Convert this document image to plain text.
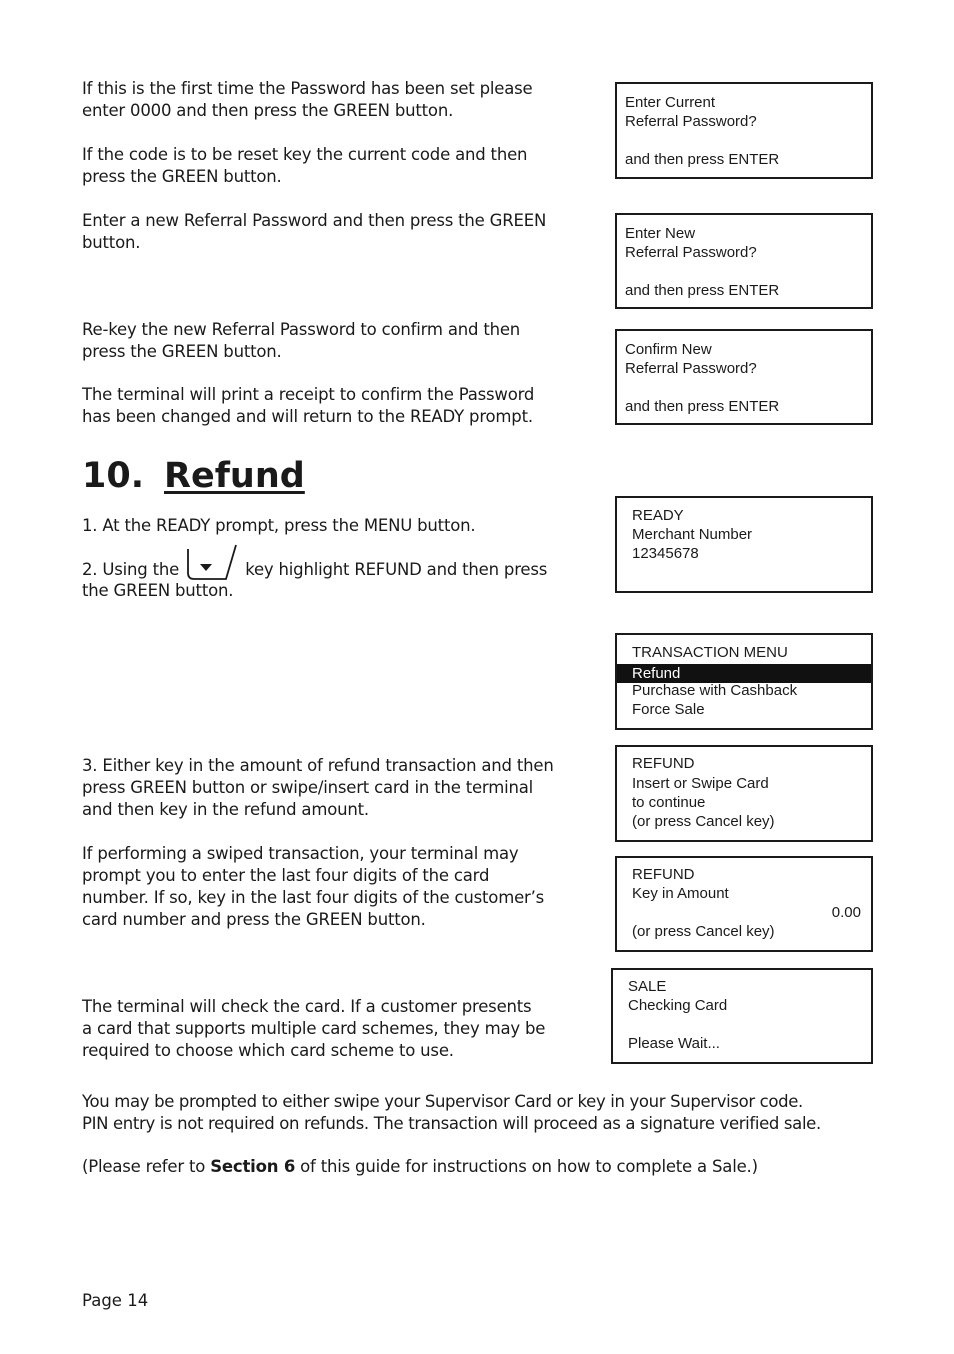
If this is the first time the Password has been set please
enter 0000 and then press the GREEN button.

If the code is to be reset key the current code and then
press the GREEN button.

Enter a new Referral Password and then press the GREEN
button.

Re-key the new Referral Password to confirm and then
press the GREEN button.

The terminal will print a receipt to confirm the Password
has been changed and will return to the READY prompt.

10. Refund

1. At the READY prompt, press the MENU button.

2. Using the	key highlight REFUND and then press
the GREEN button.

3. Either key in the amount of refund transaction and then
press GREEN button or swipe/insert card in the terminal
and then key in the refund amount.

If performing a swiped transaction, your terminal may
prompt you to enter the last four digits of the card
number. If so, key in the last four digits of the customer’s
card number and press the GREEN button.

The terminal will check the card. If a customer presents
a card that supports multiple card schemes, they may be
required to choose which card scheme to use.

You may be prompted to either swipe your Supervisor Card or key in your Supervisor code.
PIN entry is not required on refunds. The transaction will proceed as a signature verified sale.

(Please refer to Section 6 of this guide for instructions on how to complete a Sale.)

Enter Current
Referral Password?
and then press ENTER
Enter New
Referral Password?
and then press ENTER
Confirm New
Referral Password?
and then press ENTER
READY
Merchant Number
12345678
TRANSACTION MENU
Refund
Purchase with Cashback
Force Sale
REFUND
Insert or Swipe Card
to continue
(or press Cancel key)
REFUND
Key in Amount
0.00
(or press Cancel key)
SALE
Checking Card
Please Wait...
Page 14
